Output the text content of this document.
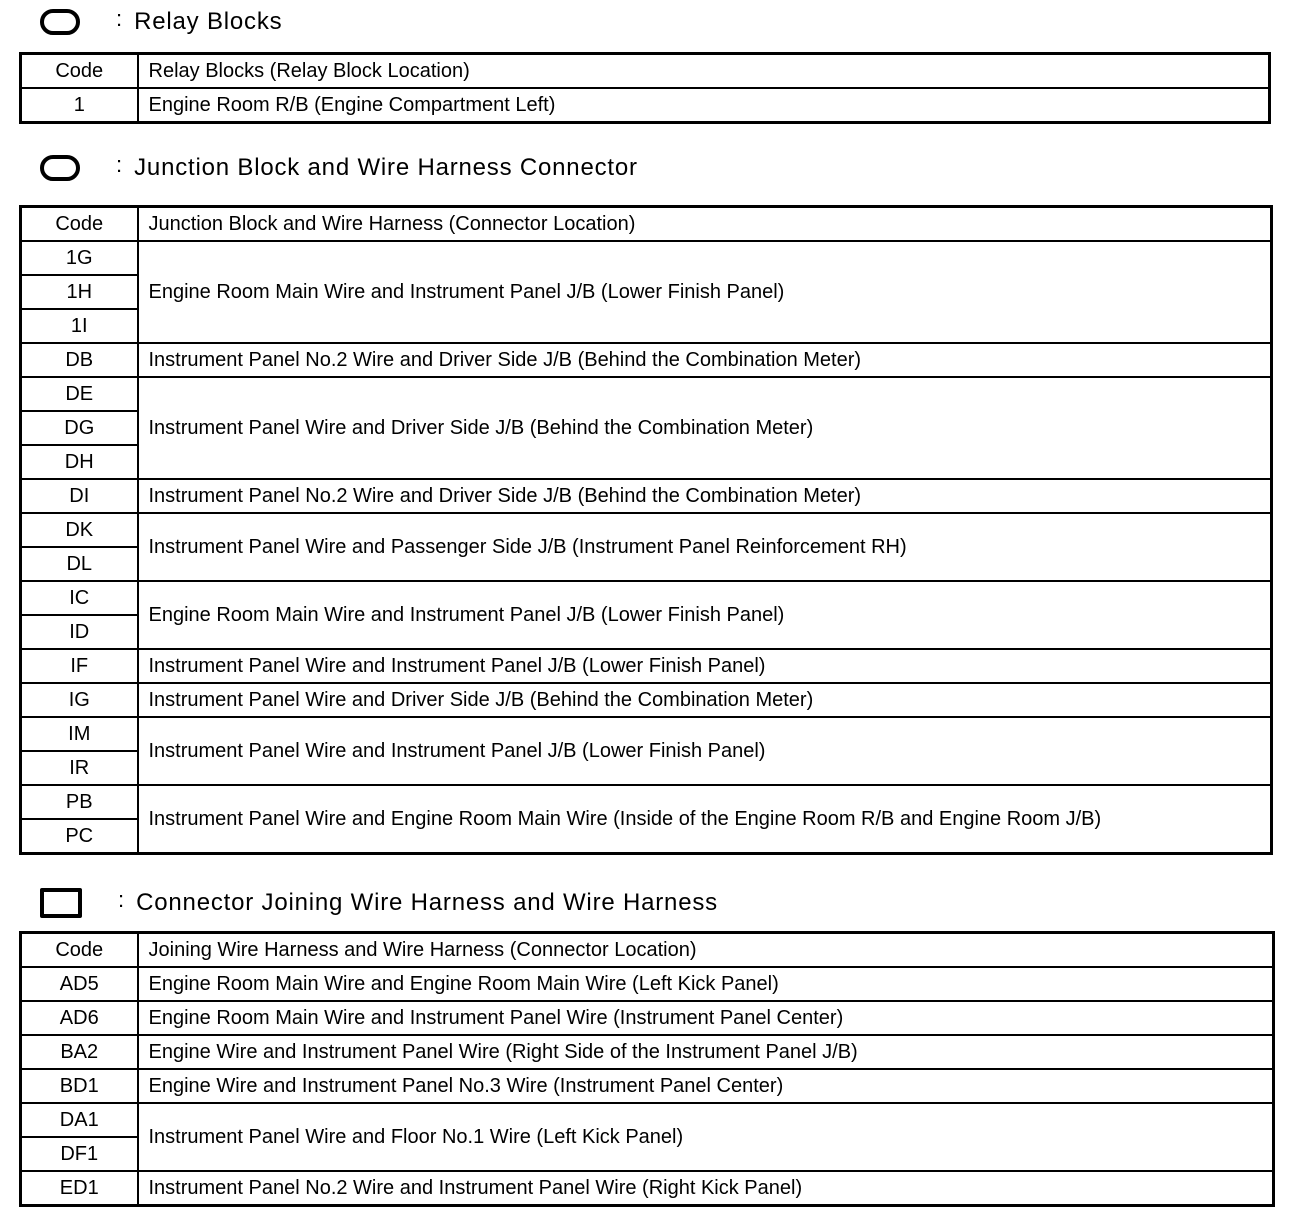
: Relay Blocks
Code	Relay Blocks (Relay Block Location)
1	Engine Room R/B (Engine Compartment Left)
: Junction Block and Wire Harness Connector
Code	Junction Block and Wire Harness (Connector Location)
1G	Engine Room Main Wire and Instrument Panel J/B (Lower Finish Panel)
1H	
1I	
DB	Instrument Panel No.2 Wire and Driver Side J/B (Behind the Combination Meter)
DE	Instrument Panel Wire and Driver Side J/B (Behind the Combination Meter)
DG	
DH	
DI	Instrument Panel No.2 Wire and Driver Side J/B (Behind the Combination Meter)
DK	Instrument Panel Wire and Passenger Side J/B (Instrument Panel Reinforcement RH)
DL	
IC	Engine Room Main Wire and Instrument Panel J/B (Lower Finish Panel)
ID	
IF	Instrument Panel Wire and Instrument Panel J/B (Lower Finish Panel)
IG	Instrument Panel Wire and Driver Side J/B (Behind the Combination Meter)
IM	Instrument Panel Wire and Instrument Panel J/B (Lower Finish Panel)
IR	
PB	Instrument Panel Wire and Engine Room Main Wire (Inside of the Engine Room R/B and Engine Room J/B)
PC	
: Connector Joining Wire Harness and Wire Harness
Code	Joining Wire Harness and Wire Harness (Connector Location)
AD5	Engine Room Main Wire and Engine Room Main Wire (Left Kick Panel)
AD6	Engine Room Main Wire and Instrument Panel Wire (Instrument Panel Center)
BA2	Engine Wire and Instrument Panel Wire (Right Side of the Instrument Panel J/B)
BD1	Engine Wire and Instrument Panel No.3 Wire (Instrument Panel Center)
DA1	Instrument Panel Wire and Floor No.1 Wire (Left Kick Panel)
DF1	
ED1	Instrument Panel No.2 Wire and Instrument Panel Wire (Right Kick Panel)
